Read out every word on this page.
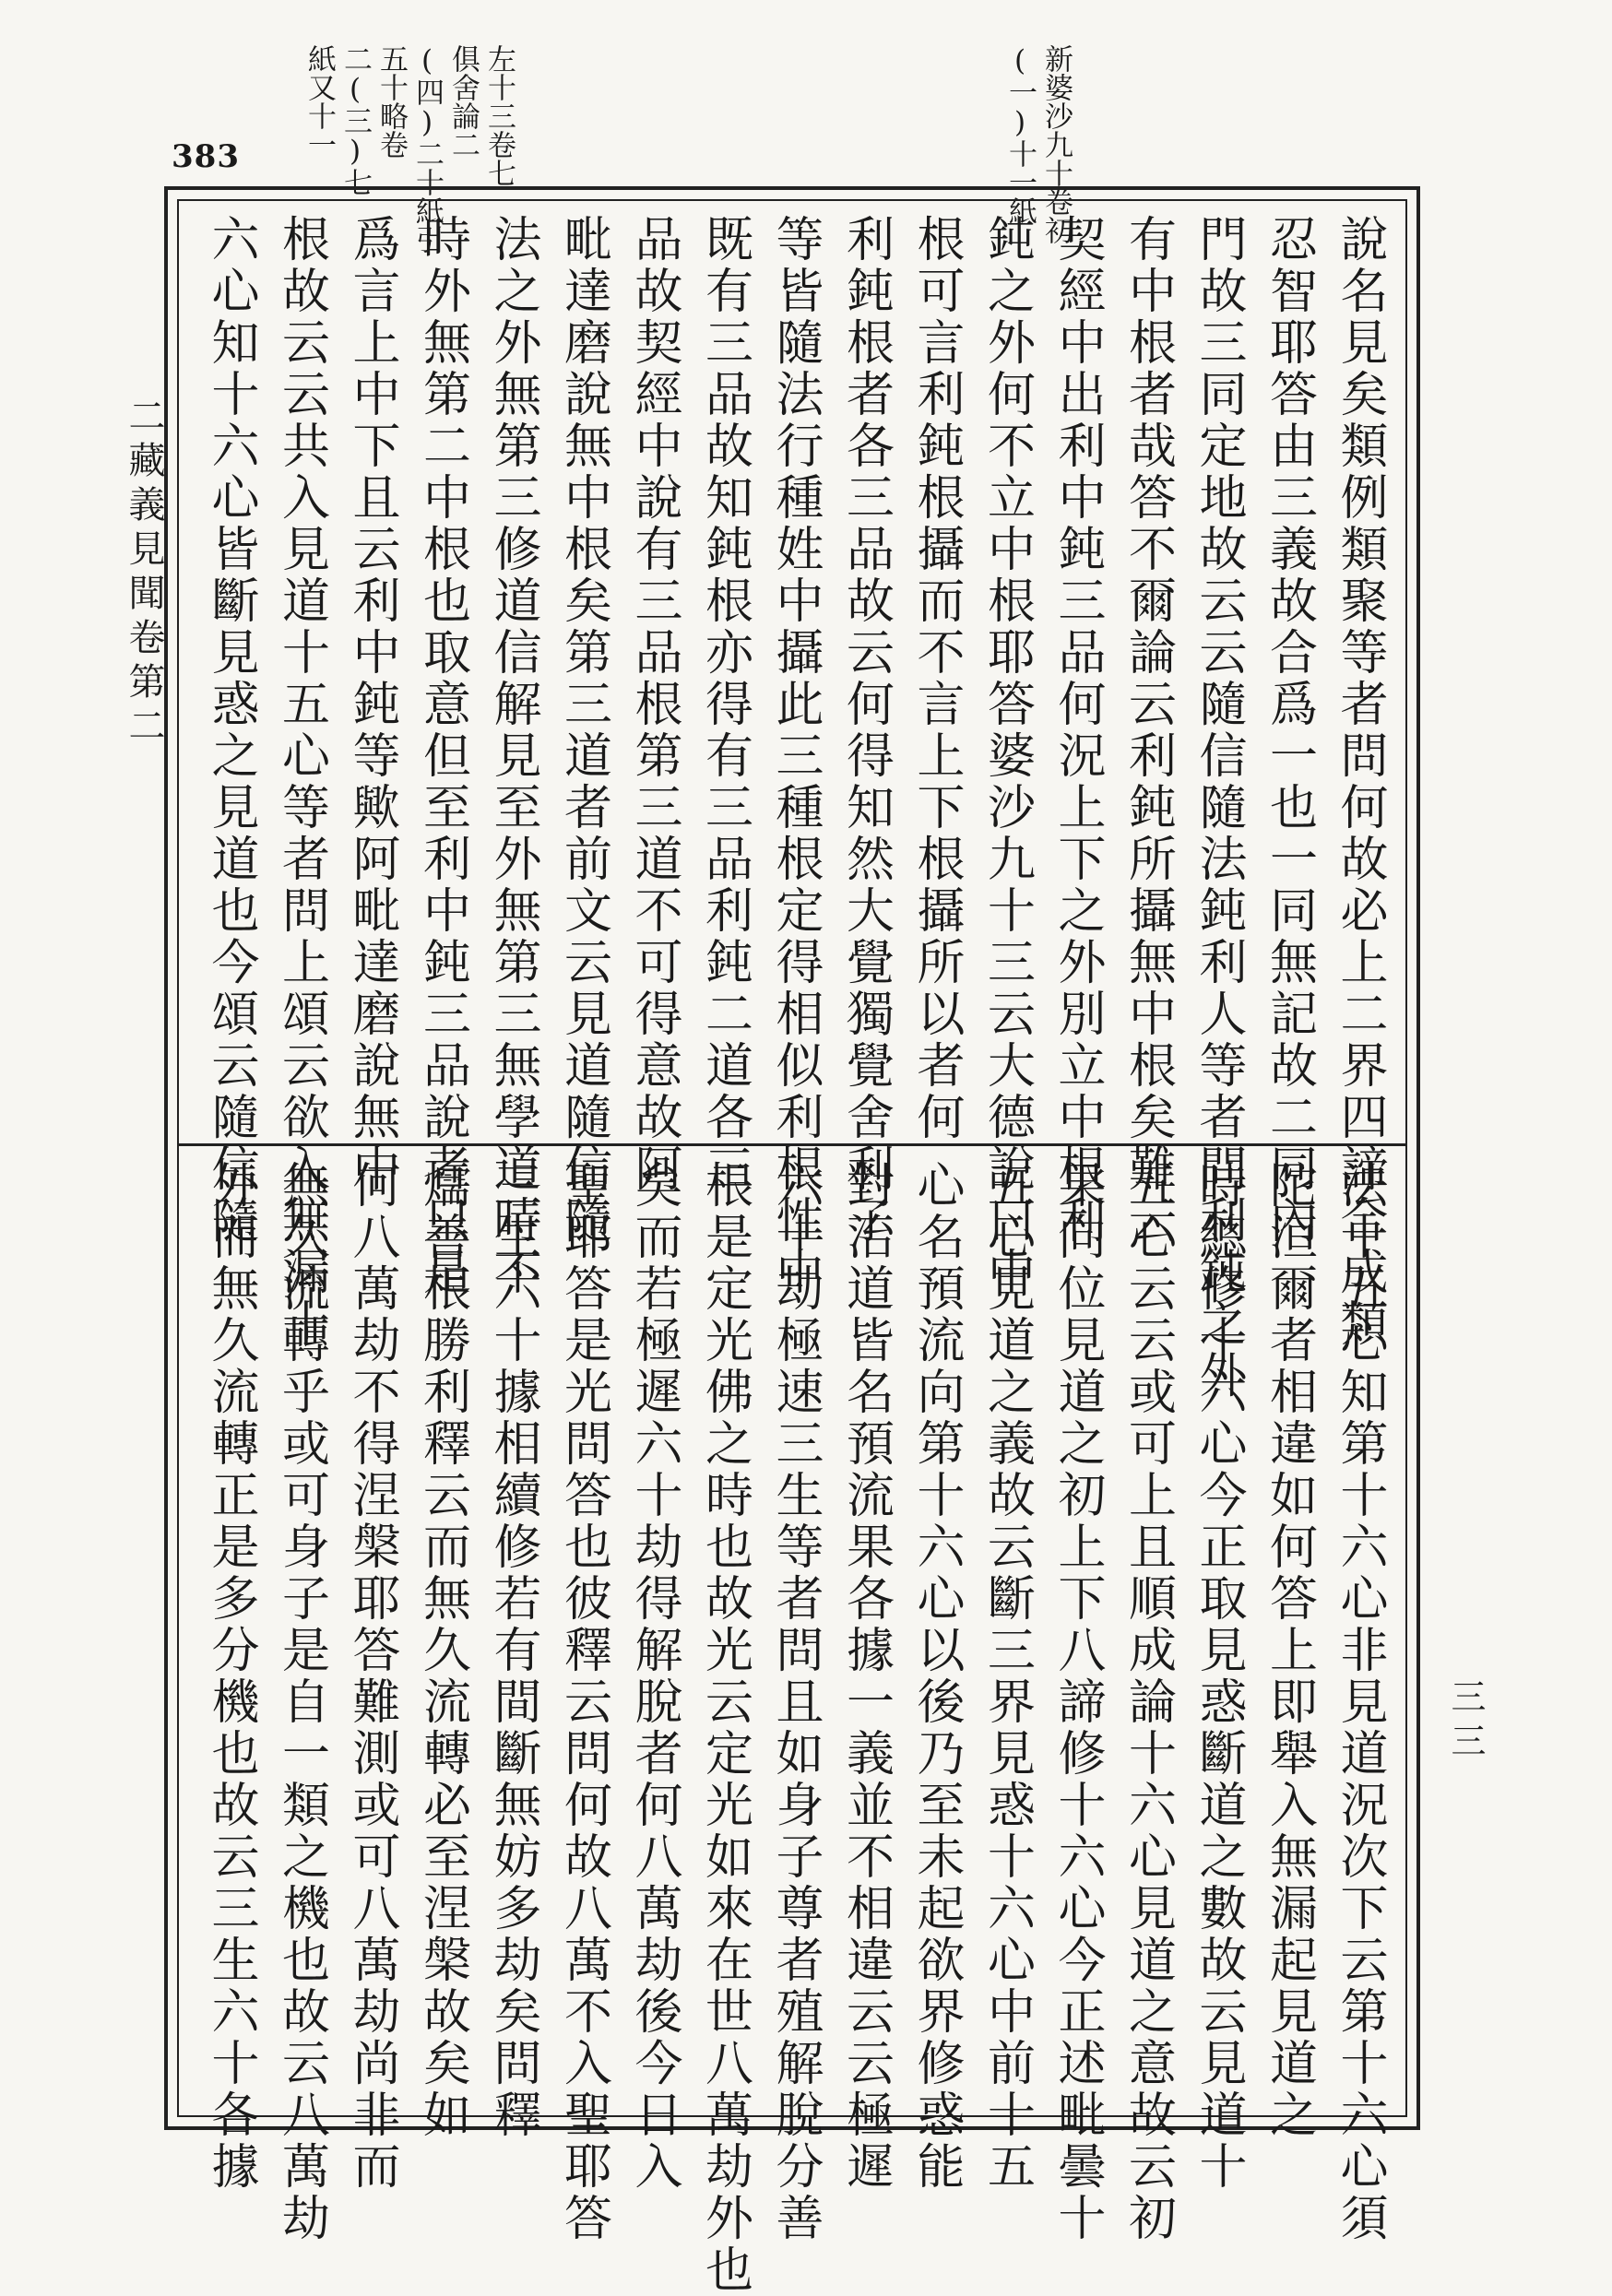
383	左十三卷七
俱舍論二
(四)二十紙引
五十略卷
二(三)七
紙又十一	新婆沙九十卷初
(一)十一紙
二藏義見聞卷第二
三三
說名見矣類例類聚等者問何故必上二界四諦合成類
忍智耶答由三義故合爲一也一同無記故二同內
門故三同定地故云云隨信隨法鈍利人等者問利鈍之外
有中根者哉答不爾論云利鈍所攝無中根矣難云
契經中出利中鈍三品何況上下之外別立中根利
鈍之外何不立中根耶答婆沙九十三云大德說曰中
根可言利鈍根攝而不言上下根攝所以者何
利鈍根者各三品故云何得知然大覺獨覺舍利子
等皆隨法行種姓中攝此三種根定得相似利根性中
既有三品故知鈍根亦得有三品利鈍二道各三
品故契經中說有三品根第三道不可得意故阿
毗達磨說無中根矣第三道者前文云見道隨信隨
法之外無第三修道信解見至外無第三無學道時不
時外無第二中根也取意但至利中鈍三品說者只是
爲言上中下且云利中鈍等歟阿毗達磨說無中
根故云云共入見道十五心等者問上頌云欲入無漏十
六心知十六心皆斷見惑之見道也今頌云隨信隨
法十五心知第十六心非見道況次下云第十六心須
陀洹爾者相違如何答上即舉入無漏起見道之
時總修十六心今正取見惑斷道之數故云見道十
五心云云或可上且順成論十六心見道之意故云初
果向位見道之初上下八諦修十六心今正述毗曇十
五心見道之義故云斷三界見惑十六心中前十五
心名預流向第十六心以後乃至未起欲界修惑能
對治道皆名預流果各據一義並不相違云云極遲
六十劫極速三生等者問且如身子尊者殖解脫分善
根是定光佛之時也故光云定光如來在世八萬劫外也
矣而若極遲六十劫得解脫者何八萬劫後今日入
聖耶答是光問答也彼釋云問何故八萬不入聖耶答
三生六十據相續修若有間斷無妨多劫矣問釋
燸善根勝利釋云而無久流轉必至涅槃故矣如
何八萬劫不得涅槃耶答難測或可八萬劫尚非而
無久流轉乎或可身子是自一類之機也故云八萬劫
外而無久流轉正是多分機也故云三生六十各據
